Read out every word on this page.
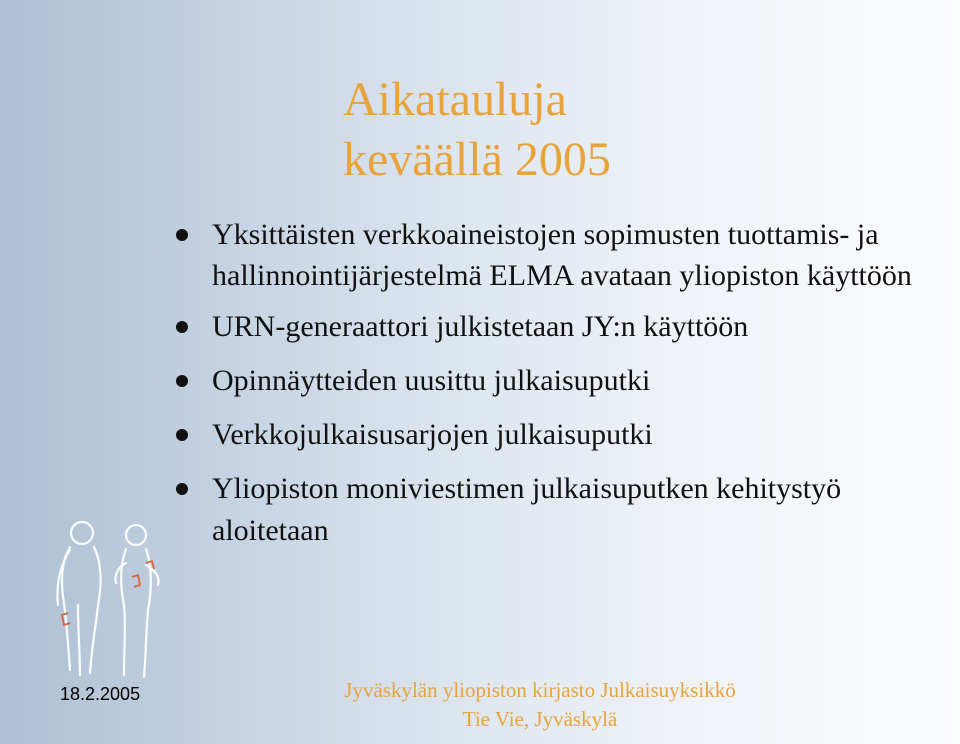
Aikatauluja
keväällä 2005
Yksittäisten verkkoaineistojen sopimusten tuottamis- ja hallinnointijärjestelmä ELMA avataan yliopiston käyttöön
URN-generaattori julkistetaan JY:n käyttöön
Opinnäytteiden uusittu julkaisuputki
Verkkojulkaisusarjojen julkaisuputki
Yliopiston moniviestimen julkaisuputken kehitystyö aloitetaan
18.2.2005	Jyväskylän yliopiston kirjasto Julkaisuyksikkö
Tie Vie, Jyväskylä
